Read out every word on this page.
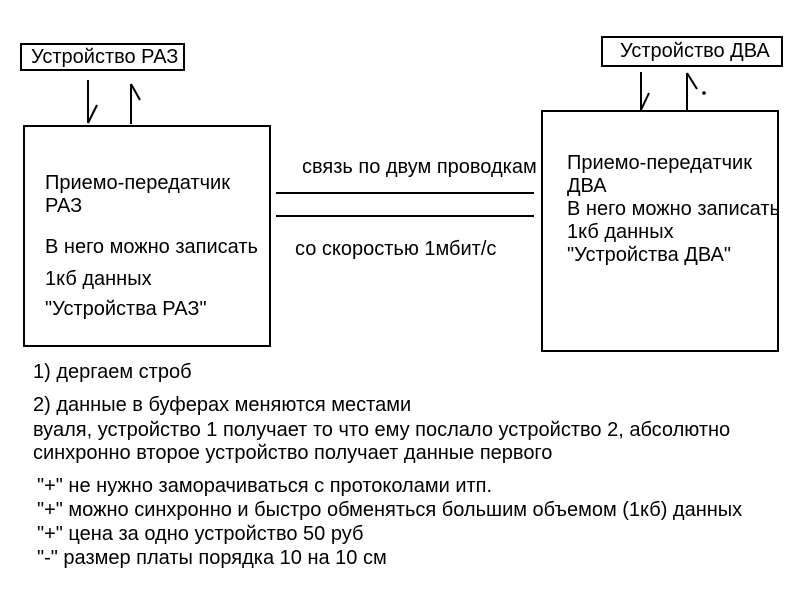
Устройство РАЗ	Устройство ДВА
Приемо-передатчик РАЗ
В него можно записать
1кб данных
"Устройства РАЗ"
Приемо-передатчик ДВА
В него можно записать
1кб данных
"Устройства ДВА"
связь по двум проводкам
со скоростью 1мбит/с
1) дергаем строб
2) данные в буферах меняются местами
вуаля, устройство 1 получает то что ему послало устройство 2, абсолютно
синхронно второе устройство получает данные первого
"+" не нужно заморачиваться с протоколами итп.
"+" можно синхронно и быстро обменяться большим объемом (1кб) данных
"+" цена за одно устройство 50 руб
"-" размер платы порядка 10 на 10 см
